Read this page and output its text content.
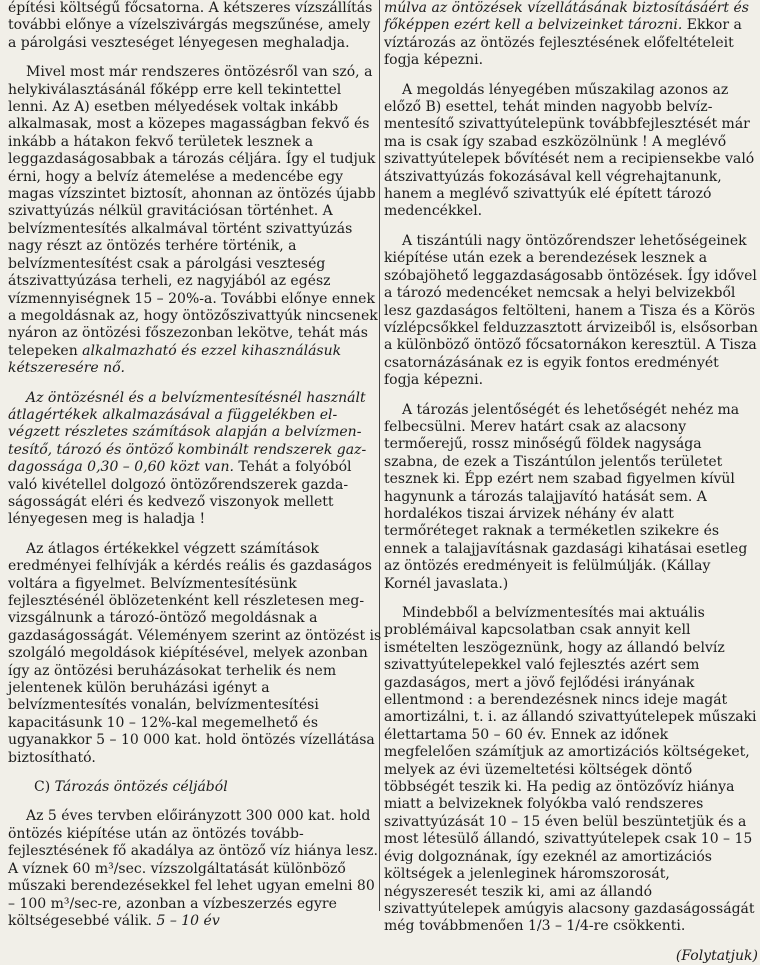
építési költségű főcsatorna. A kétszeres vízszállítás további előnye a vízelszivárgás megszűnése, amely a párolgási veszteséget lényegesen meghaladja.

Mivel most már rendszeres öntözésről van szó, a helykiválasztásánál főképp erre kell tekintettel lenni. Az A) esetben mélyedések voltak inkább alkalmasak, most a közepes magasságban fekvő és inkább a hátakon fekvő területek lesznek a leggazdaságosabbak a tározás céljára. Így el tudjuk érni, hogy a belvíz átemelése a medencébe egy magas vízszintet biztosít, ahonnan az öntözés újabb szivattyúzás nélkül gravitációsan történhet. A belvízmentesítés alkalmával történt szivattyúzás nagy részt az öntözés terhére történik, a belvízmentesítést csak a párolgási veszteség átszivattyúzása terheli, ez nagyjából az egész vízmennyiségnek 15 – 20%-a. További előnye ennek a megoldásnak az, hogy öntözőszivattyúk nincsenek nyáron az öntözési főszezonban lekötve, tehát más telepeken alkalmazható és ezzel kihasználásuk kétszeresére nő.

Az öntözésnél és a belvízmentesítésnél használt átlagértékek alkalmazásával a függelékben elvégzett részletes számítások alapján a belvízmentesítő, tározó és öntöző kombinált rendszerek gazdagossága 0,30 – 0,60 közt van. Tehát a folyóból való kivétellel dolgozó öntözőrendszerek gazdaságosságát eléri és kedvező viszonyok mellett lényegesen meg is haladja !

Az átlagos értékekkel végzett számítások eredményei felhívják a kérdés reális és gazdaságos voltára a figyelmet. Belvízmentesítésünk fejlesztésénél öblözetenként kell részletesen megvizsgálnunk a tározó-öntöző megoldásnak a gazdaságosságát. Véleményem szerint az öntözést is szolgáló megoldások kiépítésével, melyek azonban így az öntözési beruházásokat terhelik és nem jelentenek külön beruházási igényt a belvízmentesítés vonalán, belvízmentesítési kapacitásunk 10 – 12%-kal megemelhető és ugyanakkor 5 – 10 000 kat. hold öntözés vízellátása biztosítható.

C) Tározás öntözés céljából

Az 5 éves tervben előirányzott 300 000 kat. hold öntözés kiépítése után az öntözés továbbfejlesztésének fő akadálya az öntöző víz hiánya lesz. A víznek 60 m³/sec. vízszolgáltatását különböző műszaki berendezésekkel fel lehet ugyan emelni 80 – 100 m³/sec-re, azonban a vízbeszerzés egyre költségesebbé válik. 5 – 10 év

múlva az öntözések vízellátásának biztosításáért és főképpen ezért kell a belvizeinket tározni. Ekkor a víztározás az öntözés fejlesztésének előfeltételeit fogja képezni.

A megoldás lényegében műszakilag azonos az előző B) esettel, tehát minden nagyobb belvízmentesítő szivattyútelepünk továbbfejlesztését már ma is csak így szabad eszközölnünk ! A meglévő szivattyútelepek bővítését nem a recipiensekbe való átszivattyúzás fokozásával kell végrehajtanunk, hanem a meglévő szivattyúk elé épített tározó medencékkel.

A tiszántúli nagy öntözőrendszer lehetőségeinek kiépítése után ezek a berendezések lesznek a szóbajöhető leggazdaságosabb öntözések. Így idővel a tározó medencéket nemcsak a helyi belvizekből lesz gazdaságos feltölteni, hanem a Tisza és a Körös vízlépcsőkkel felduzzasztott árvizeiből is, elsősorban a különböző öntöző főcsatornákon keresztül. A Tisza csatornázásának ez is egyik fontos eredményét fogja képezni.

A tározás jelentőségét és lehetőségét nehéz ma felbecsülni. Merev határt csak az alacsony termőerejű, rossz minőségű földek nagysága szabna, de ezek a Tiszántúlon jelentős területet tesznek ki. Épp ezért nem szabad figyelmen kívül hagynunk a tározás talajjavító hatását sem. A hordalékos tiszai árvizek néhány év alatt termőréteget raknak a terméketlen szikekre és ennek a talajjavításnak gazdasági kihatásai esetleg az öntözés eredményeit is felülmúlják. (Kállay Kornél javaslata.)

Mindebből a belvízmentesítés mai aktuális problémáival kapcsolatban csak annyit kell ismételten leszögeznünk, hogy az állandó belvíz szivattyútelepekkel való fejlesztés azért sem gazdaságos, mert a jövő fejlődési irányának ellentmond : a berendezésnek nincs ideje magát amortizálni, t. i. az állandó szivattyútelepek műszaki élettartama 50 – 60 év. Ennek az időnek megfelelően számítjuk az amortizációs költségeket, melyek az évi üzemeltetési költségek döntő többségét teszik ki. Ha pedig az öntözővíz hiánya miatt a belvizeknek folyókba való rendszeres szivattyúzását 10 – 15 éven belül beszüntetjük és a most létesülő állandó, szivattyútelepek csak 10 – 15 évig dolgoznának, így ezeknél az amortizációs költségek a jelenleginek háromszorosát, négyszeresét teszik ki, ami az állandó szivattyútelepek amúgyis alacsony gazdaságosságát még továbbmenően 1/3 – 1/4-re csökkenti.

(Folytatjuk)
